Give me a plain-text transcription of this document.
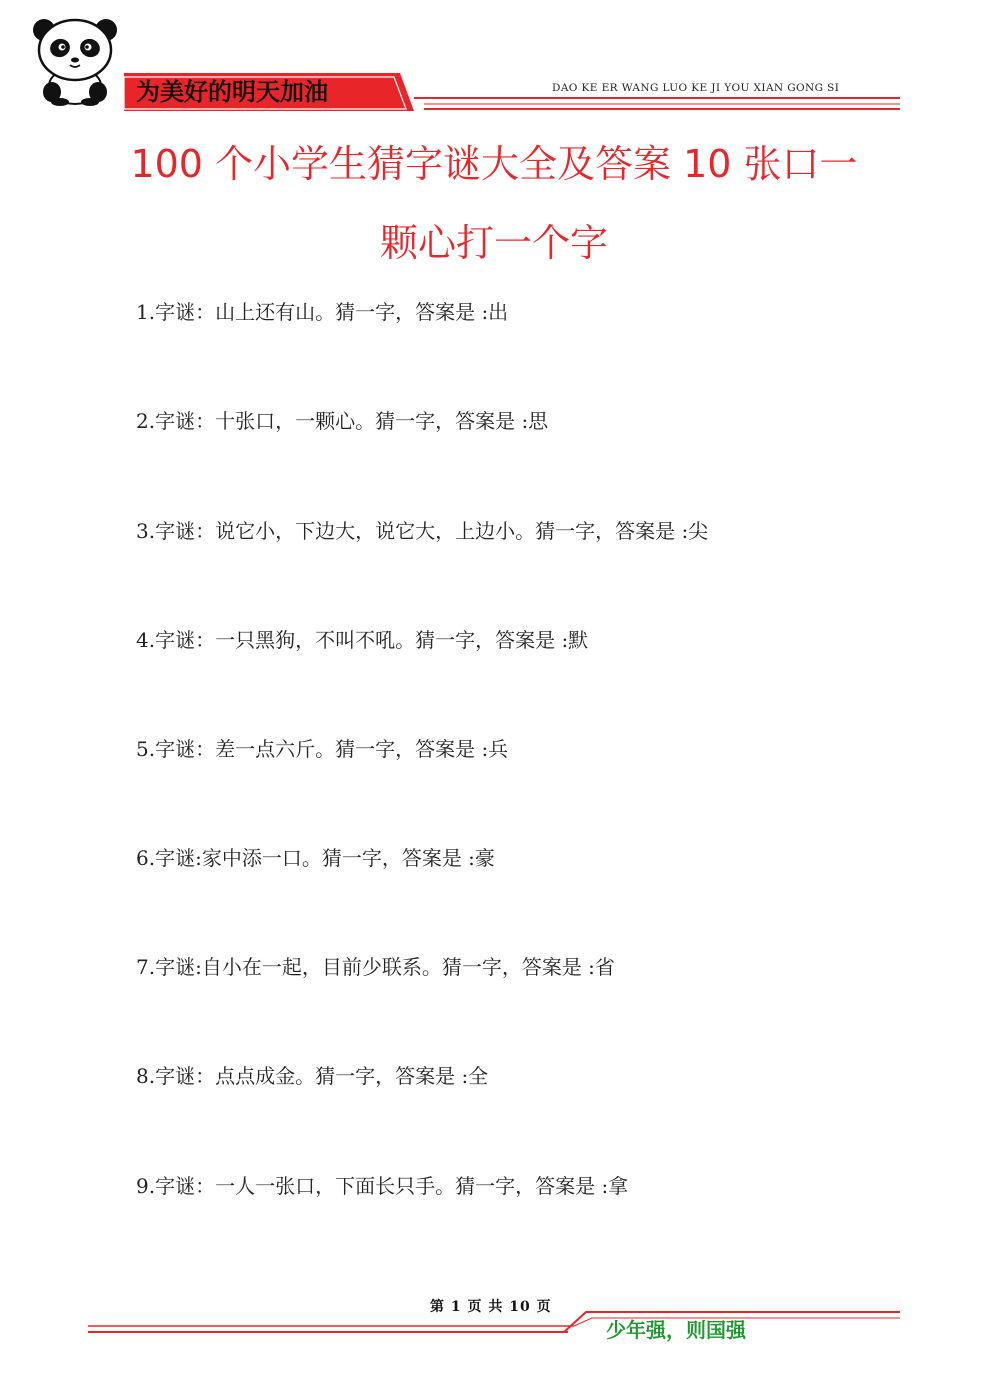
为美好的明天加油	DAO KE ER WANG LUO KE JI YOU XIAN GONG SI
100 个小学生猜字谜大全及答案 10 张口一
颗心打一个字
1.字谜：山上还有山。猜一字，答案是 :出
2.字谜：十张口，一颗心。猜一字，答案是 :思
3.字谜：说它小，下边大，说它大，上边小。猜一字，答案是 :尖
4.字谜：一只黑狗，不叫不吼。猜一字，答案是 :默
5.字谜：差一点六斤。猜一字，答案是 :兵
6.字谜:家中添一口。猜一字，答案是 :豪
7.字谜:自小在一起，目前少联系。猜一字，答案是 :省
8.字谜：点点成金。猜一字，答案是 :全
9.字谜：一人一张口，下面长只手。猜一字，答案是 :拿
第 1 页 共 10 页
少年强，则国强
